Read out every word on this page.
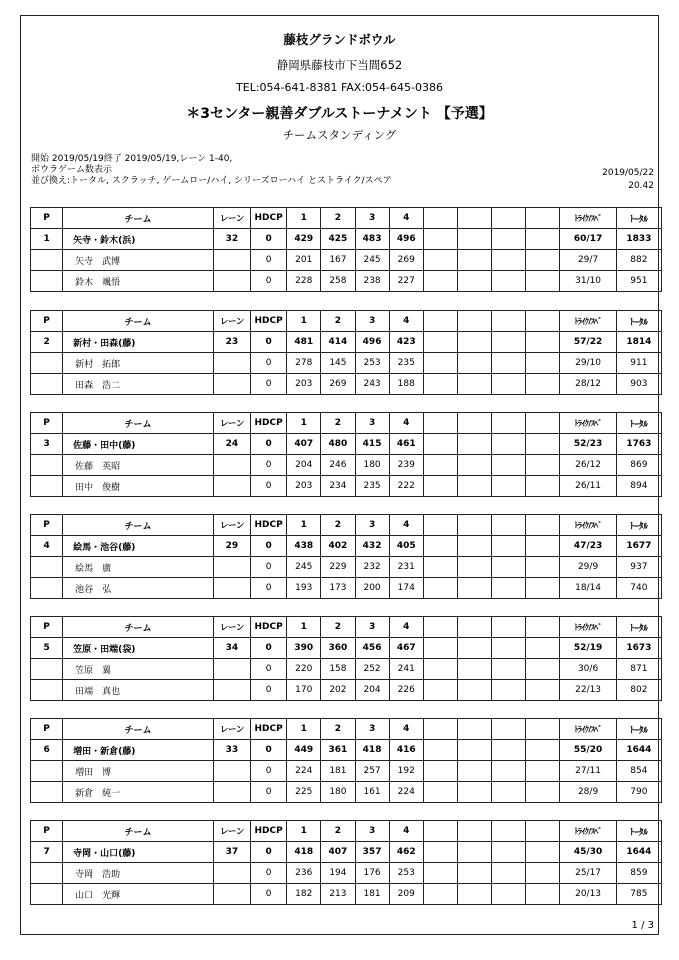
藤枝グランドボウル
静岡県藤枝市下当間652
TEL:054-641-8381 FAX:054-645-0386
＊3センター親善ダブルストーナメント 【予選】
チームスタンディング
開始 2019/05/19終了 2019/05/19,レーン 1-40,
ボウラゲーム数表示
並び換え:トータル, スクラッチ, ゲームロー/ハイ, シリーズローハイ とストライク/スペア
2019/05/22
20.42
P	チーム	レーン	HDCP	1	2	3	4					ﾄﾗｲｸ/ｽﾍﾟ	ﾄｰﾀﾙ
1	矢寺・鈴木(浜)	32	0	429	425	483	496					60/17	1833
	矢寺　武博		0	201	167	245	269					29/7	882
	鈴木　颯悟		0	228	258	238	227					31/10	951
P	チーム	レーン	HDCP	1	2	3	4					ﾄﾗｲｸ/ｽﾍﾟ	ﾄｰﾀﾙ
2	新村・田森(藤)	23	0	481	414	496	423					57/22	1814
	新村　拓郎		0	278	145	253	235					29/10	911
	田森　浩二		0	203	269	243	188					28/12	903
P	チーム	レーン	HDCP	1	2	3	4					ﾄﾗｲｸ/ｽﾍﾟ	ﾄｰﾀﾙ
3	佐藤・田中(藤)	24	0	407	480	415	461					52/23	1763
	佐藤　英昭		0	204	246	180	239					26/12	869
	田中　俊樹		0	203	234	235	222					26/11	894
P	チーム	レーン	HDCP	1	2	3	4					ﾄﾗｲｸ/ｽﾍﾟ	ﾄｰﾀﾙ
4	絵馬・池谷(藤)	29	0	438	402	432	405					47/23	1677
	絵馬　廣		0	245	229	232	231					29/9	937
	池谷　弘		0	193	173	200	174					18/14	740
P	チーム	レーン	HDCP	1	2	3	4					ﾄﾗｲｸ/ｽﾍﾟ	ﾄｰﾀﾙ
5	笠原・田端(袋)	34	0	390	360	456	467					52/19	1673
	笠原　翼		0	220	158	252	241					30/6	871
	田端　真也		0	170	202	204	226					22/13	802
P	チーム	レーン	HDCP	1	2	3	4					ﾄﾗｲｸ/ｽﾍﾟ	ﾄｰﾀﾙ
6	増田・新倉(藤)	33	0	449	361	418	416					55/20	1644
	増田　博		0	224	181	257	192					27/11	854
	新倉　純一		0	225	180	161	224					28/9	790
P	チーム	レーン	HDCP	1	2	3	4					ﾄﾗｲｸ/ｽﾍﾟ	ﾄｰﾀﾙ
7	寺岡・山口(藤)	37	0	418	407	357	462					45/30	1644
	寺岡　浩助		0	236	194	176	253					25/17	859
	山口　光輝		0	182	213	181	209					20/13	785
1 / 3
